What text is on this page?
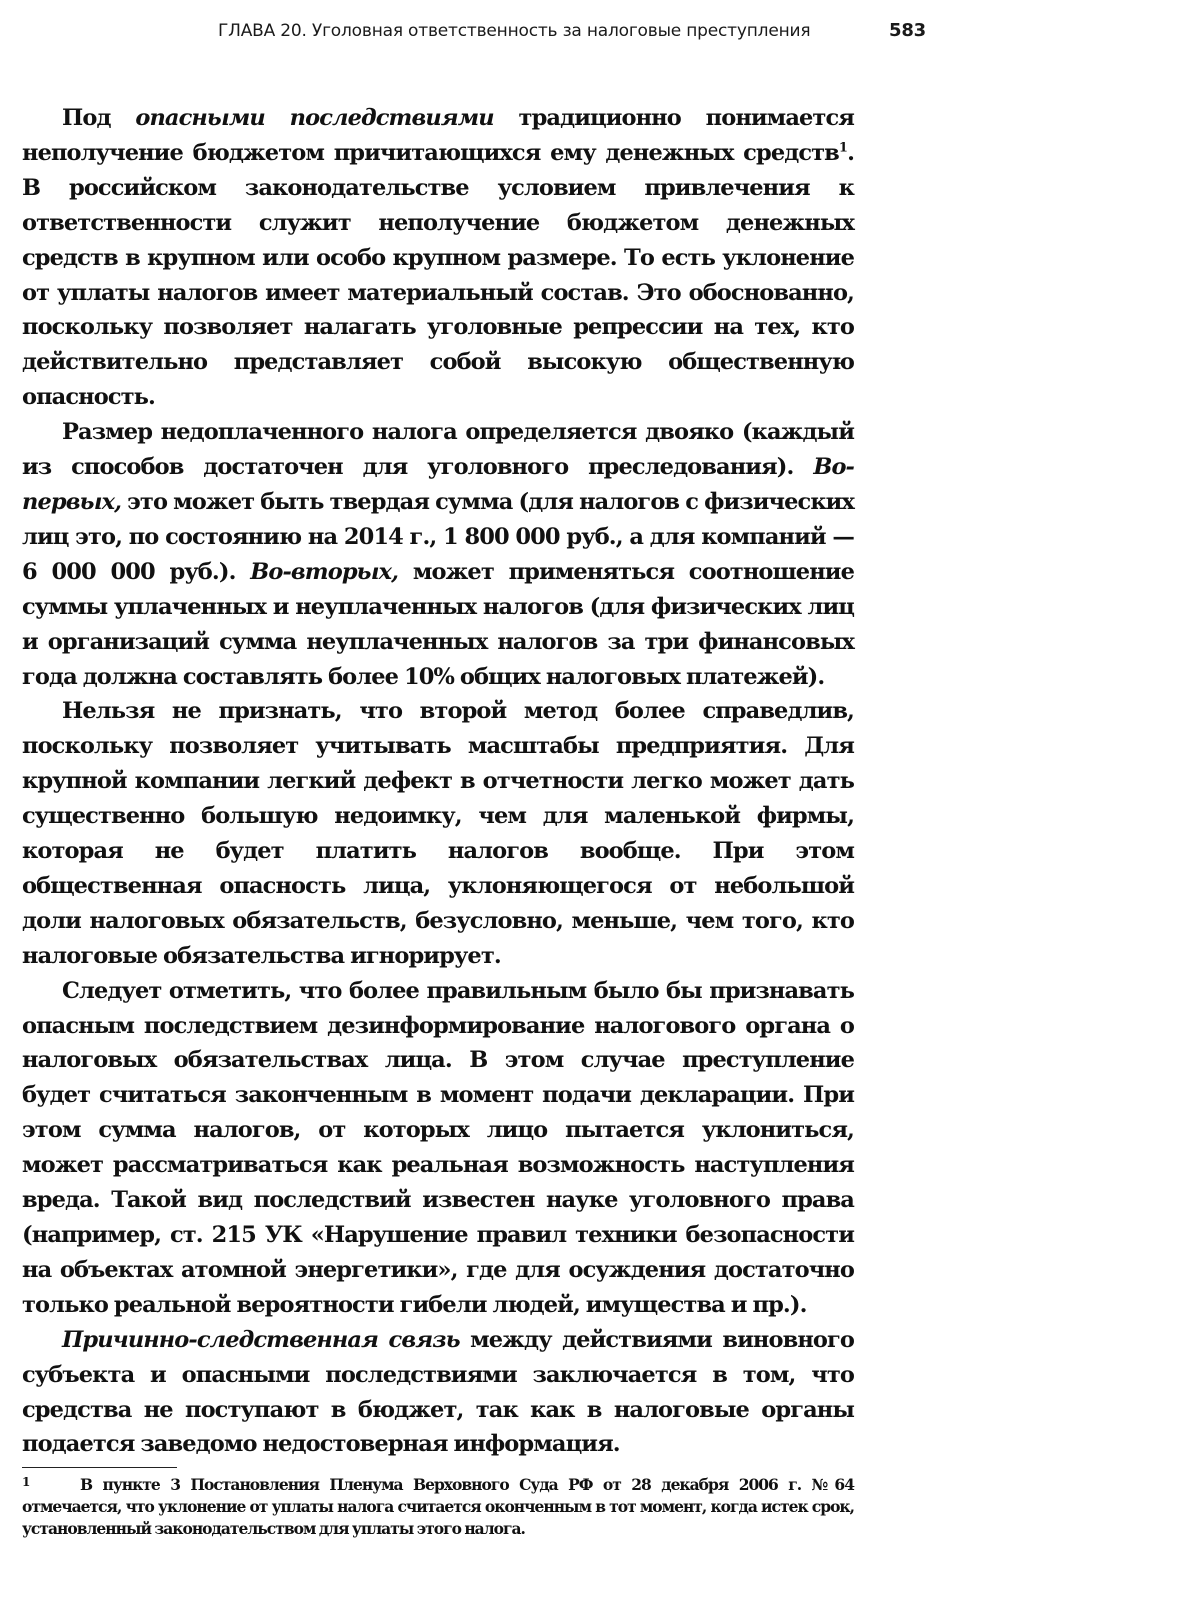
ГЛАВА 20. Уголовная ответственность за налоговые преступления	583

Под опасными последствиями традиционно понимается неполучение бюджетом причитающихся ему денежных средств$^1$. В российском законодательстве условием привлечения к ответственности служит неполучение бюджетом денежных средств в крупном или особо крупном размере. То есть уклонение от уплаты налогов имеет материальный состав. Это обоснованно, поскольку позволяет налагать уголовные репрессии на тех, кто действительно представляет собой высокую общественную опасность.

Размер недоплаченного налога определяется двояко (каждый из способов достаточен для уголовного преследования). Во-первых, это может быть твердая сумма (для налогов с физических лиц это, по состоянию на 2014 г., 1 800 000 руб., а для компаний — 6 000 000 руб.). Во-вторых, может применяться соотношение суммы уплаченных и неуплаченных налогов (для физических лиц и организаций сумма неуплаченных налогов за три финансовых года должна составлять более 10% общих налоговых платежей).

Нельзя не признать, что второй метод более справедлив, поскольку позволяет учитывать масштабы предприятия. Для крупной компании легкий дефект в отчетности легко может дать существенно большую недоимку, чем для маленькой фирмы, которая не будет платить налогов вообще. При этом общественная опасность лица, уклоняющегося от небольшой доли налоговых обязательств, безусловно, меньше, чем того, кто налоговые обязательства игнорирует.

Следует отметить, что более правильным было бы признавать опасным последствием дезинформирование налогового органа о налоговых обязательствах лица. В этом случае преступление будет считаться законченным в момент подачи декларации. При этом сумма налогов, от которых лицо пытается уклониться, может рассматриваться как реальная возможность наступления вреда. Такой вид последствий известен науке уголовного права (например, ст. 215 УК «Нарушение правил техники безопасности на объектах атомной энергетики», где для осуждения достаточно только реальной вероятности гибели людей, имущества и пр.).

Причинно-следственная связь между действиями виновного субъекта и опасными последствиями заключается в том, что средства не поступают в бюджет, так как в налоговые органы подается заведомо недостоверная информация.

1	В пункте 3 Постановления Пленума Верховного Суда РФ от 28 декабря 2006 г. №64 отмечается, что уклонение от уплаты налога считается оконченным в тот момент, когда истек срок, установленный законодательством для уплаты этого налога.
